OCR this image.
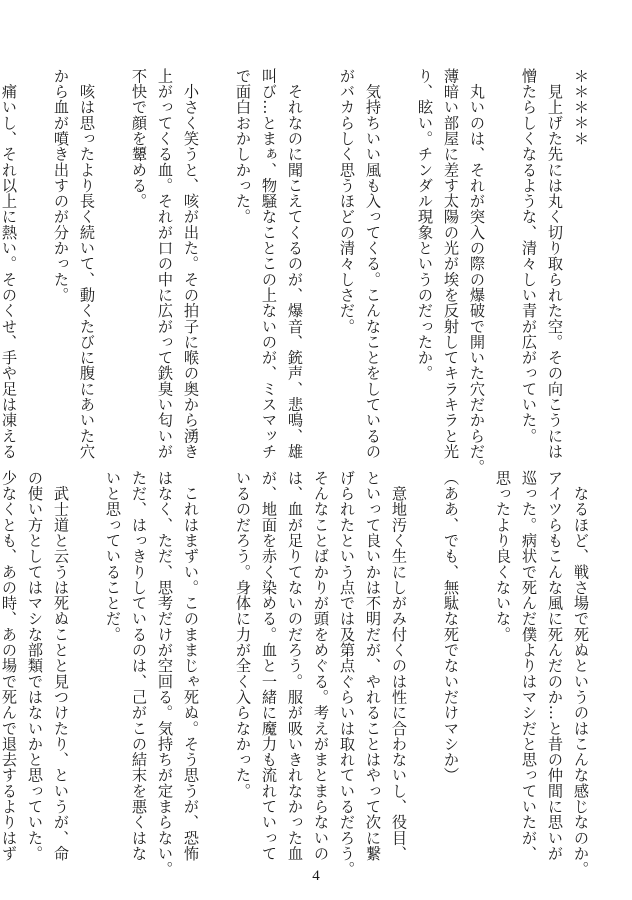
＊＊＊＊＊

　見上げた先には丸く切り取られた空。その向こうには

憎たらしくなるような、清々しい青が広がっていた。

　丸いのは、それが突入の際の爆破で開いた穴だからだ。

薄暗い部屋に差す太陽の光が埃を反射してキラキラと光

り、眩い。チンダル現象というのだったか。

　気持ちいい風も入ってくる。こんなことをしているの

がバカらしく思うほどの清々しさだ。

　それなのに聞こえてくるのが、爆音、銃声、悲鳴、雄

叫び…とまぁ、物騒なことこの上ないのが、ミスマッチ

で面白おかしかった。

　小さく笑うと、咳が出た。その拍子に喉の奥から湧き

上がってくる血。それが口の中に広がって鉄臭い匂いが

不快で顔を顰める。

　咳は思ったより長く続いて、動くたびに腹にあいた穴

から血が噴き出すのが分かった。

　痛いし、それ以上に熱い。そのくせ、手や足は凍える

　なるほど、戦さ場で死ぬというのはこんな感じなのか。

アイツらもこんな風に死んだのか…と昔の仲間に思いが

巡った。病状で死んだ僕よりはマシだと思っていたが、

思ったより良くないな。

（ああ、でも、無駄な死でないだけマシか）

　意地汚く生にしがみ付くのは性に合わないし、役目、

といって良いかは不明だが、やれることはやって次に繋

げられたという点では及第点ぐらいは取れているだろう。

そんなことばかりが頭をめぐる。考えがまとまらないの

は、血が足りてないのだろう。服が吸いきれなかった血

が、地面を赤く染める。血と一緒に魔力も流れていって

いるのだろう。身体に力が全く入らなかった。

　これはまずい。このままじゃ死ぬ。そう思うが、恐怖

はなく、ただ、思考だけが空回る。気持ちが定まらない。

ただ、はっきりしているのは、己がこの結末を悪くはな

いと思っていることだ。

　武士道と云うは死ぬことと見つけたり、というが、命

の使い方としてはマシな部類ではないかと思っていた。

少なくとも、あの時、あの場で死んで退去するよりはず

4
